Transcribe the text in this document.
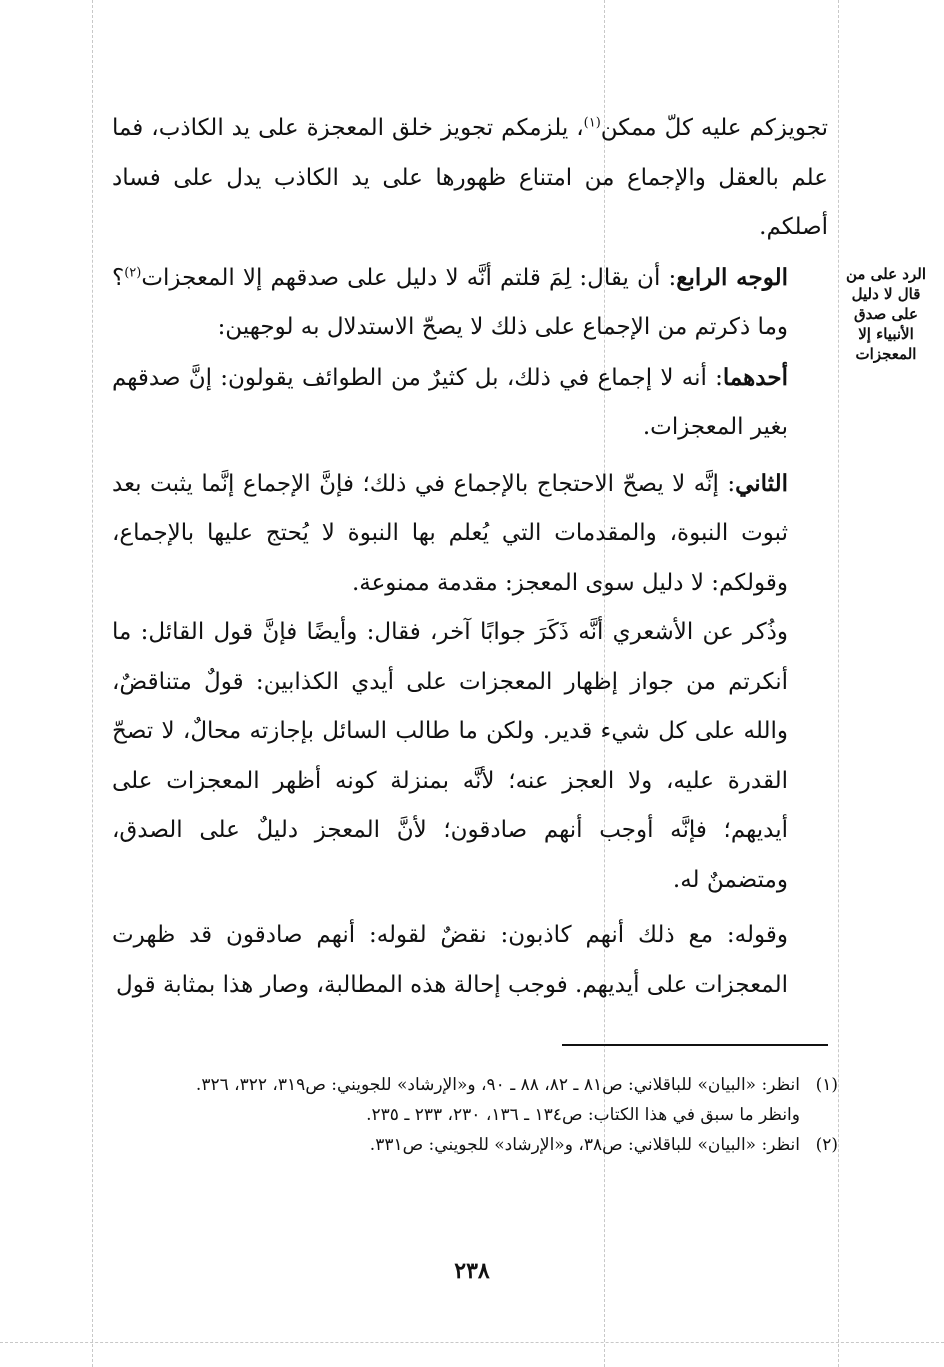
الرد على من قال لا دليل على صدق الأنبياء إلا المعجزات

تجويزكم عليه كلّ ممكن$^{(١)}$، يلزمكم تجويز خلق المعجزة على يد الكاذب، فما علم بالعقل والإجماع من امتناع ظهورها على يد الكاذب يدل على فساد أصلكم.

الوجه الرابع: أن يقال: لِمَ قلتم أنَّه لا دليل على صدقهم إلا المعجزات$^{(٢)}$؟ وما ذكرتم من الإجماع على ذلك لا يصحّ الاستدلال به لوجهين:

أحدهما: أنه لا إجماع في ذلك، بل كثيرٌ من الطوائف يقولون: إنَّ صدقهم بغير المعجزات.

الثاني: إنَّه لا يصحّ الاحتجاج بالإجماع في ذلك؛ فإنَّ الإجماع إنَّما يثبت بعد ثبوت النبوة، والمقدمات التي يُعلم بها النبوة لا يُحتج عليها بالإجماع، وقولكم: لا دليل سوى المعجز: مقدمة ممنوعة.

وذُكر عن الأشعري أنَّه ذَكَرَ جوابًا آخر، فقال: وأيضًا فإنَّ قول القائل: ما أنكرتم من جواز إظهار المعجزات على أيدي الكذابين: قولٌ متناقضٌ، والله على كل شيء قدير. ولكن ما طالب السائل بإجازته محالٌ، لا تصحّ القدرة عليه، ولا العجز عنه؛ لأنَّه بمنزلة كونه أظهر المعجزات على أيديهم؛ فإنَّه أوجب أنهم صادقون؛ لأنَّ المعجز دليلٌ على الصدق، ومتضمنٌ له.

وقوله: مع ذلك أنهم كاذبون: نقضٌ لقوله: أنهم صادقون قد ظهرت المعجزات على أيديهم. فوجب إحالة هذه المطالبة، وصار هذا بمثابة قول

(١)
انظر: «البيان» للباقلاني: ص٨١ ـ ٨٢، ٨٨ ـ ٩٠، و«الإرشاد» للجويني: ص٣١٩، ٣٢٢، ٣٢٦.
وانظر ما سبق في هذا الكتاب: ص١٣٤ ـ ١٣٦، ٢٣٠، ٢٣٣ ـ ٢٣٥.
(٢)
انظر: «البيان» للباقلاني: ص٣٨، و«الإرشاد» للجويني: ص٣٣١.
٢٣٨
